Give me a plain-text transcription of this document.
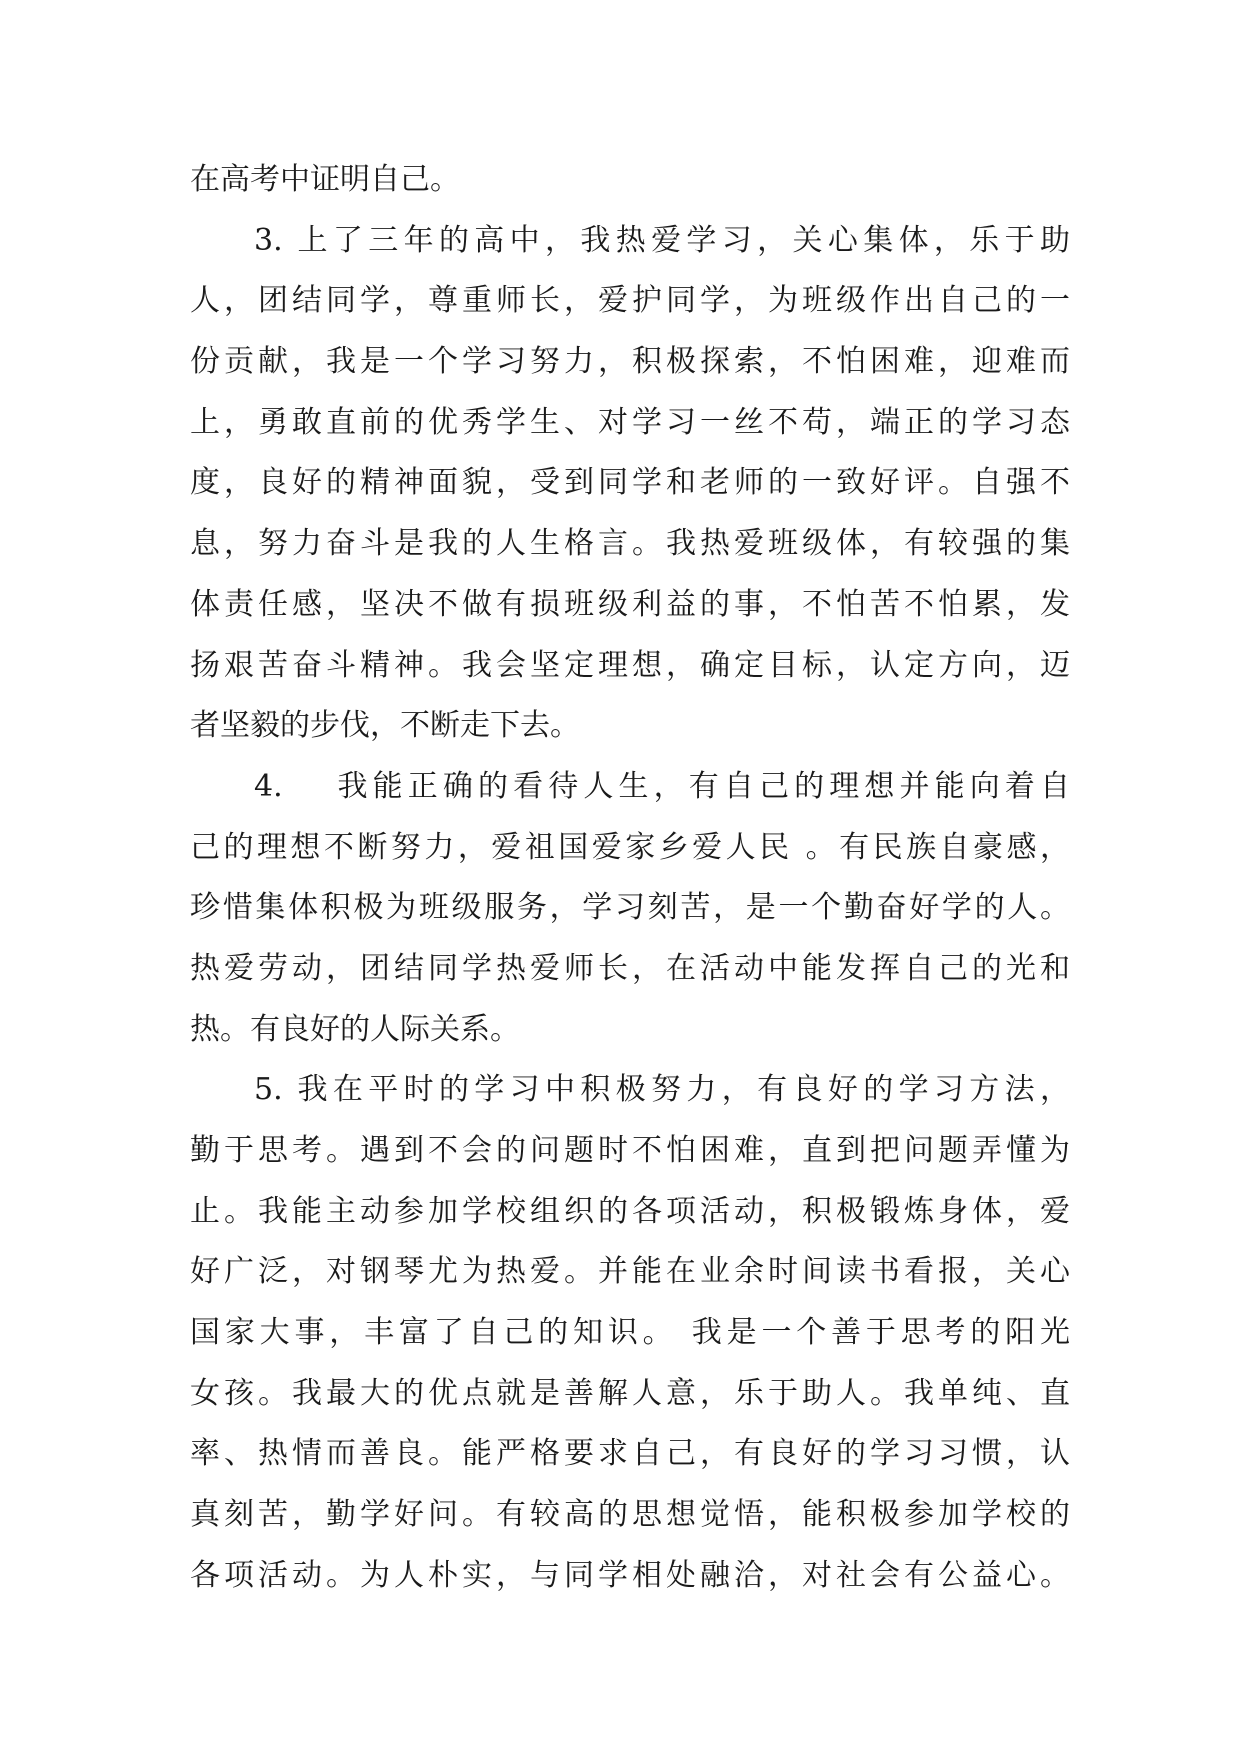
在高考中证明自己。
3. 上了三年的高中，我热爱学习，关心集体，乐于助
人，团结同学，尊重师长，爱护同学，为班级作出自己的一
份贡献，我是一个学习努力，积极探索，不怕困难，迎难而
上，勇敢直前的优秀学生、对学习一丝不苟，端正的学习态
度，良好的精神面貌，受到同学和老师的一致好评。自强不
息，努力奋斗是我的人生格言。我热爱班级体，有较强的集
体责任感，坚决不做有损班级利益的事，不怕苦不怕累，发
扬艰苦奋斗精神。我会坚定理想，确定目标，认定方向，迈
者坚毅的步伐，不断走下去。
4.　 我能正确的看待人生，有自己的理想并能向着自
己的理想不断努力，爱祖国爱家乡爱人民 。有民族自豪感，
珍惜集体积极为班级服务，学习刻苦，是一个勤奋好学的人。
热爱劳动，团结同学热爱师长，在活动中能发挥自己的光和
热。有良好的人际关系。
5. 我在平时的学习中积极努力，有良好的学习方法，
勤于思考。遇到不会的问题时不怕困难，直到把问题弄懂为
止。我能主动参加学校组织的各项活动，积极锻炼身体，爱
好广泛，对钢琴尤为热爱。并能在业余时间读书看报，关心
国家大事，丰富了自己的知识。 我是一个善于思考的阳光
女孩。我最大的优点就是善解人意，乐于助人。我单纯、直
率、热情而善良。能严格要求自己，有良好的学习习惯，认
真刻苦，勤学好问。有较高的思想觉悟，能积极参加学校的
各项活动。为人朴实，与同学相处融洽，对社会有公益心。
